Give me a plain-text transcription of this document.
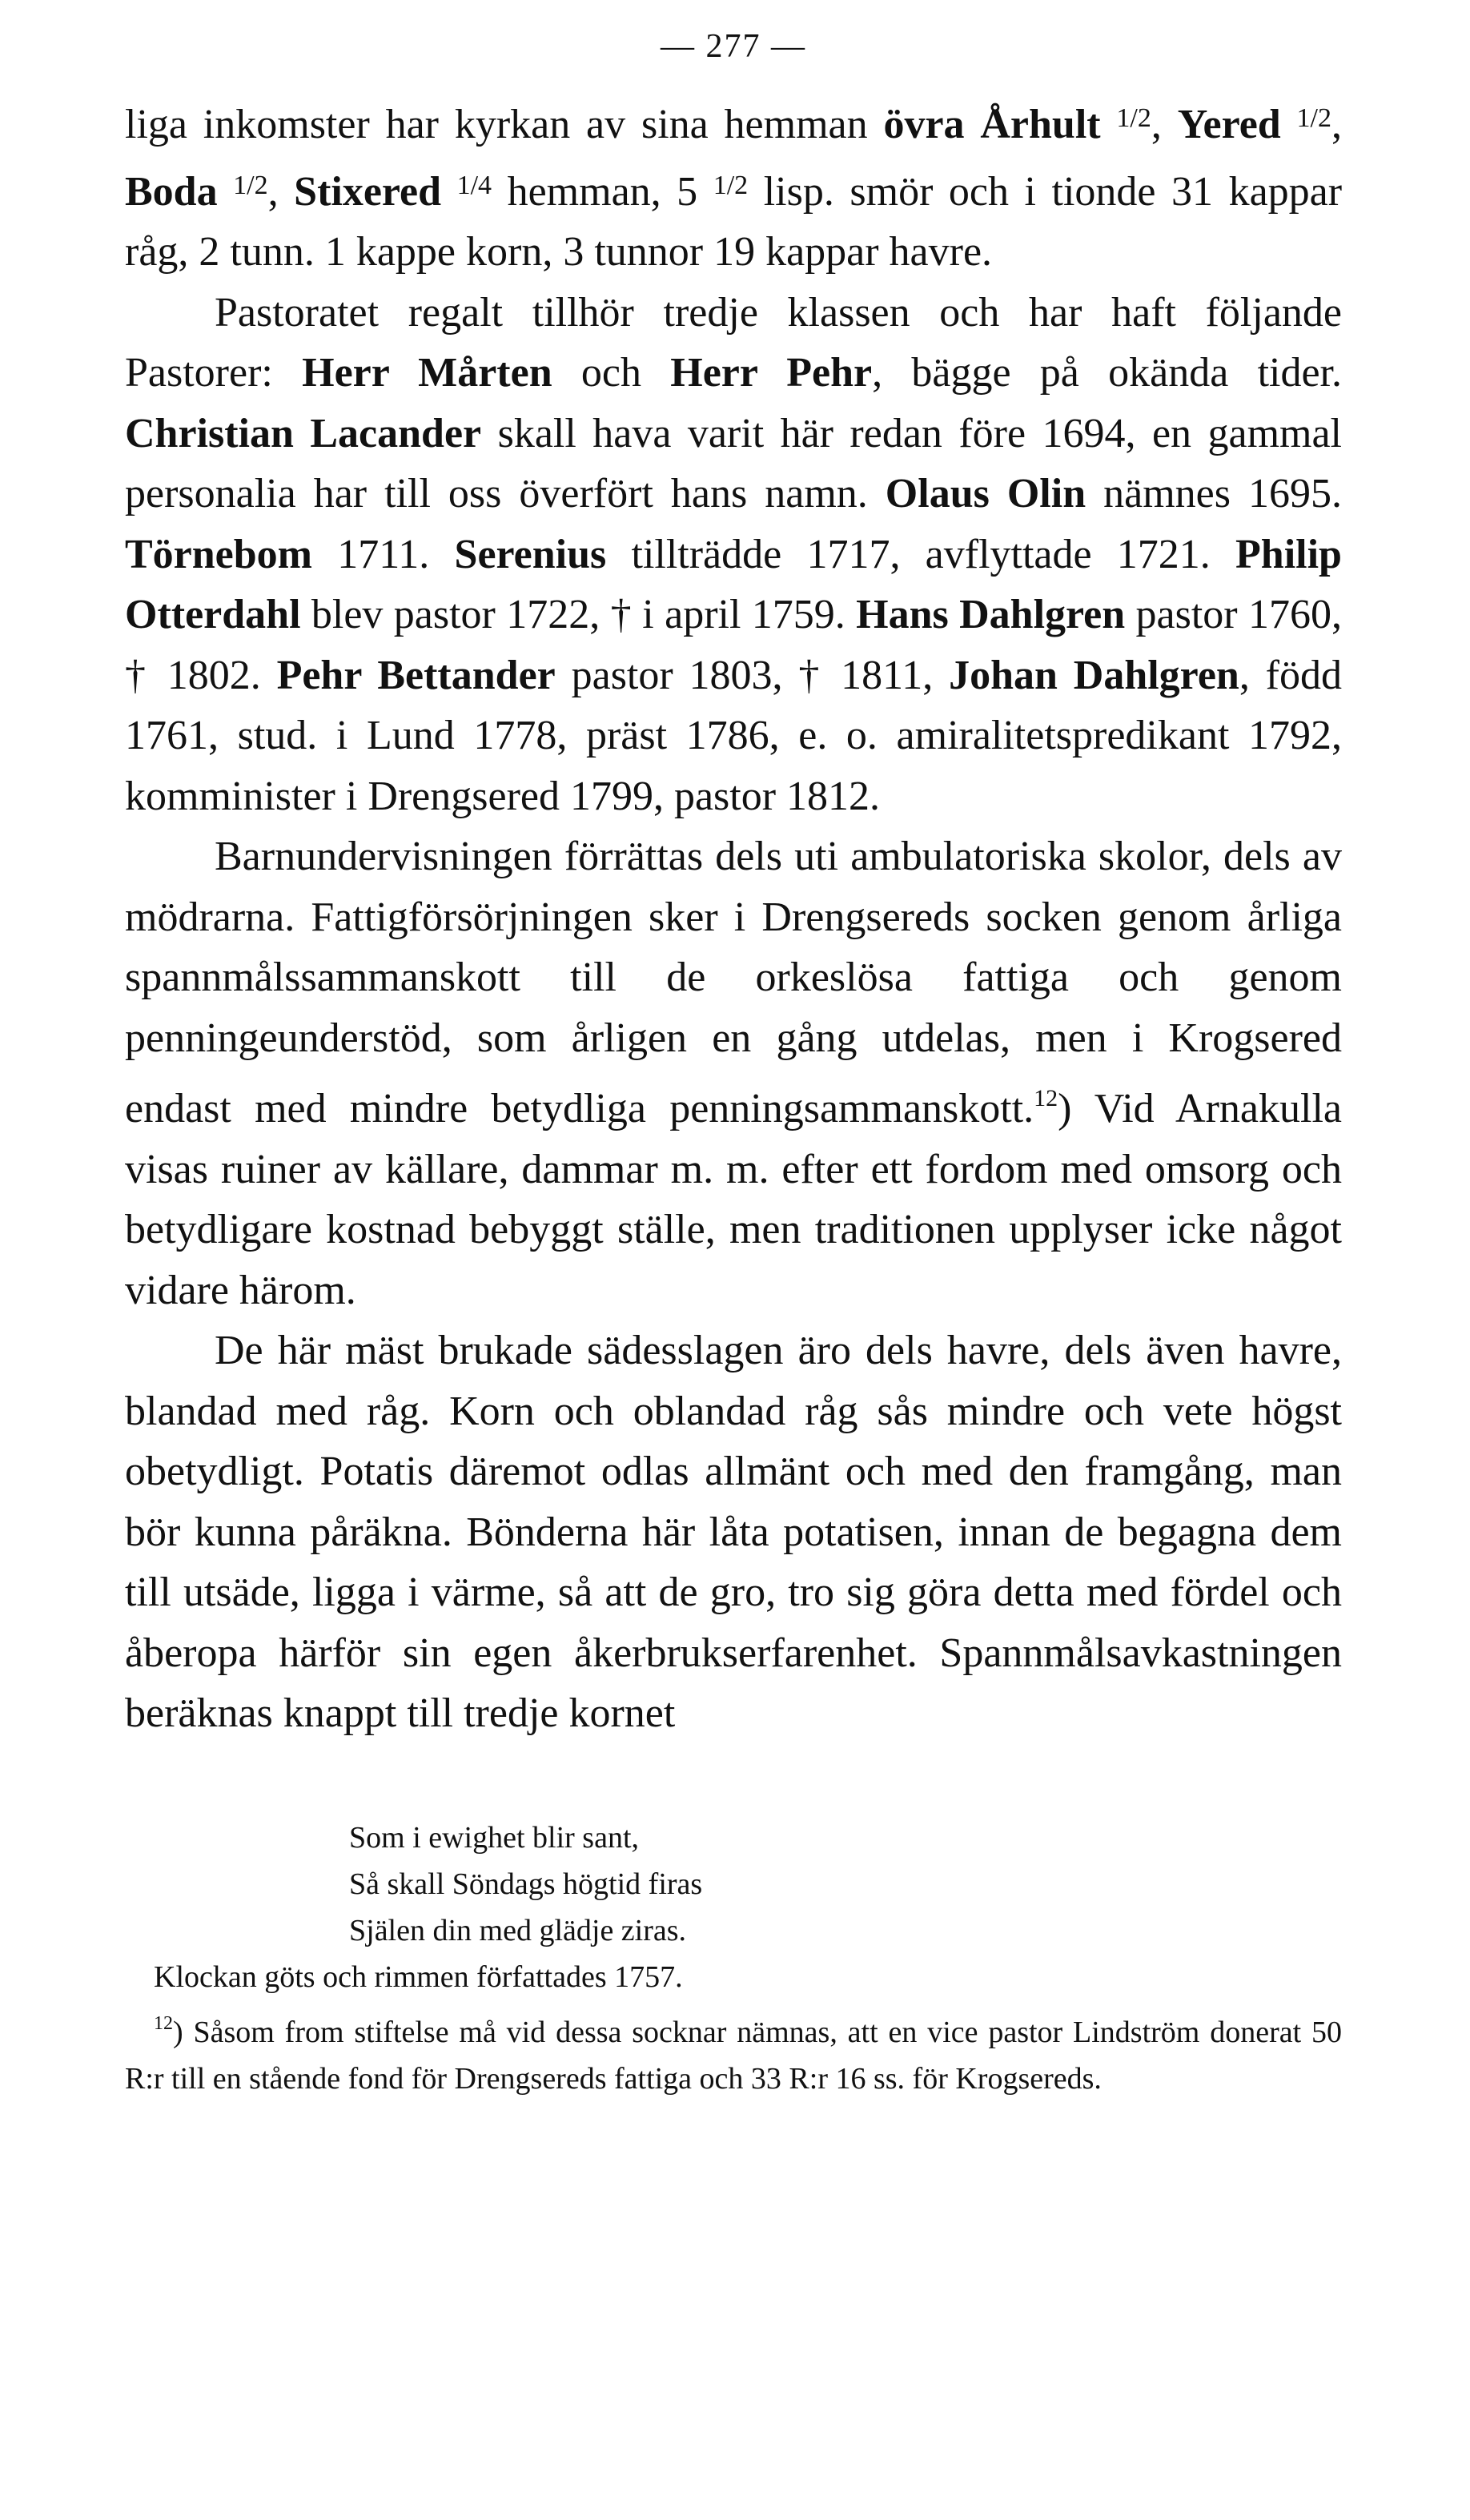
— 277 —

liga inkomster har kyrkan av sina hemman övra Århult $^{1/2}$, Yered $^{1/2}$, Boda $^{1/2}$, Stixered $^{1/4}$ hemman, 5 $^{1/2}$ lisp. smör och i tionde 31 kappar råg, 2 tunn. 1 kappe korn, 3 tunnor 19 kappar havre.

Pastoratet regalt tillhör tredje klassen och har haft följande Pastorer: Herr Mårten och Herr Pehr, bägge på okända tider. Christian Lacander skall hava varit här redan före 1694, en gammal personalia har till oss överfört hans namn. Olaus Olin nämnes 1695. Törnebom 1711. Serenius tillträdde 1717, avflyttade 1721. Philip Otterdahl blev pastor 1722, † i april 1759. Hans Dahlgren pastor 1760, † 1802. Pehr Bettander pastor 1803, † 1811, Johan Dahlgren, född 1761, stud. i Lund 1778, präst 1786, e. o. amiralitetspredikant 1792, komminister i Drengsered 1799, pastor 1812.

Barnundervisningen förrättas dels uti ambulatoriska skolor, dels av mödrarna. Fattigförsörjningen sker i Drengsereds socken genom årliga spannmålssammanskott till de orkeslösa fattiga och genom penningeunderstöd, som årligen en gång utdelas, men i Krogsered endast med mindre betydliga penningsammanskott.$^{12}$) Vid Arnakulla visas ruiner av källare, dammar m. m. efter ett fordom med omsorg och betydligare kostnad bebyggt ställe, men traditionen upplyser icke något vidare härom.

De här mäst brukade sädesslagen äro dels havre, dels även havre, blandad med råg. Korn och oblandad råg sås mindre och vete högst obetydligt. Potatis däremot odlas allmänt och med den framgång, man bör kunna påräkna. Bönderna här låta potatisen, innan de begagna dem till utsäde, ligga i värme, så att de gro, tro sig göra detta med fördel och åberopa härför sin egen åkerbrukserfarenhet. Spannmålsavkastningen beräknas knappt till tredje kornet

Som i ewighet blir sant,
Så skall Söndags högtid firas
Själen din med glädje ziras.

Klockan göts och rimmen författades 1757.

$^{12}$) Såsom from stiftelse må vid dessa socknar nämnas, att en vice pastor Lindström donerat 50 R:r till en stående fond för Drengsereds fattiga och 33 R:r 16 ss. för Krogsereds.
